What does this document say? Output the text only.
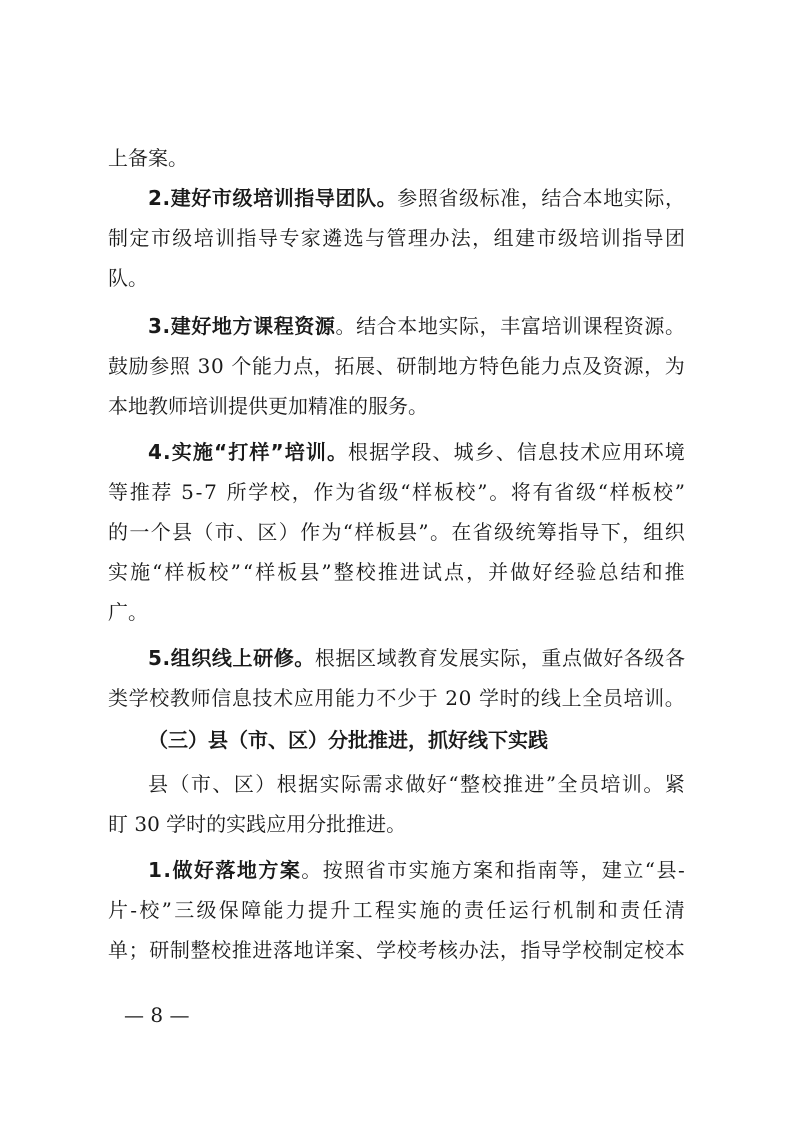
上备案。
2 . 建 好 市 级 培 训 指 导 团 队 。 参 照 省 级 标 准 ， 结 合 本 地 实 际 ，
制 定 市 级 培 训 指 导 专 家 遴 选 与 管 理 办 法 ， 组 建 市 级 培 训 指 导 团
队。
3 . 建 好 地 方 课 程 资 源 。 结 合 本 地 实 际 ， 丰 富 培 训 课 程 资 源 。
鼓 励 参 照
3 0
个 能 力 点 ， 拓 展 、 研 制 地 方 特 色 能 力 点 及 资 源 ， 为
本地教师培训提供更加精准的服务。
4 . 实 施 “ 打 样 ” 培 训 。 根 据 学 段 、 城 乡 、 信 息 技 术 应 用 环 境
等 推 荐
5 - 7
所 学 校 ， 作 为 省 级 “ 样 板 校 ” 。 将 有 省 级 “ 样 板 校 ”
的 一 个 县 （ 市 、 区 ） 作 为 “ 样 板 县 ” 。 在 省 级 统 筹 指 导 下 ， 组 织
实 施 “ 样 板 校 ” “ 样 板 县 ” 整 校 推 进 试 点 ， 并 做 好 经 验 总 结 和 推
广。
5 . 组 织 线 上 研 修 。 根 据 区 域 教 育 发 展 实 际 ， 重 点 做 好 各 级 各
类 学 校 教 师 信 息 技 术 应 用 能 力 不 少 于
2 0
学 时 的 线 上 全 员 培 训 。
（三）县（市、区）分批推进，抓好线下实践
县 （ 市 、 区 ） 根 据 实 际 需 求 做 好 “ 整 校 推 进 ” 全 员 培 训 。 紧
盯 30 学时的实践应用分批推进。
1 . 做 好 落 地 方 案 。 按 照 省 市 实 施 方 案 和 指 南 等 ， 建 立 “ 县 -
片 - 校 ” 三 级 保 障 能 力 提 升 工 程 实 施 的 责 任 运 行 机 制 和 责 任 清
单 ； 研 制 整 校 推 进 落 地 详 案 、 学 校 考 核 办 法 ， 指 导 学 校 制 定 校 本
— 8 —
